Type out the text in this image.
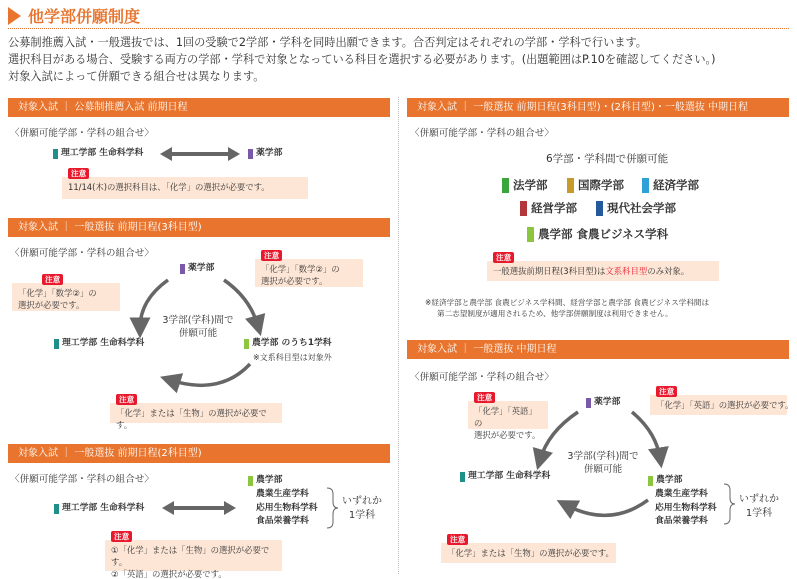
他学部併願制度
公募制推薦入試・一般選抜では、1回の受験で2学部・学科を同時出願できます。合否判定はそれぞれの学部・学科で行います。
選択科目がある場合、受験する両方の学部・学科で対象となっている科目を選択する必要があります。(出題範囲はP.10を確認してください。)
対象入試によって併願できる組合せは異なります。
対象入試 ｜ 公募制推薦入試 前期日程
〈併願可能学部・学科の組合せ〉
理工学部 生命科学科	薬学部
11/14(木)の選択科目は、「化学」の選択が必要です。
注意
対象入試 ｜ 一般選抜 前期日程(3科目型)
〈併願可能学部・学科の組合せ〉
薬学部
理工学部 生命科学科	農学部 のうち1学科
※文系科目型は対象外
3学部(学科)間で
併願可能
「化学」「数学②」の
選択が必要です。
注意
「化学」「数学②」の
選択が必要です。
注意
「化学」または「生物」の選択が必要です。
注意
対象入試 ｜ 一般選抜 前期日程(2科目型)
〈併願可能学部・学科の組合せ〉
理工学部 生命科学科
農学部
農業生産学科
応用生物科学科
食品栄養学科
いずれか
1学科
①「化学」または「生物」の選択が必要です。
②「英語」の選択が必要です。
注意
対象入試 ｜ 一般選抜 前期日程(3科目型)・(2科目型)・一般選抜 中期日程
〈併願可能学部・学科の組合せ〉
6学部・学科間で併願可能
法学部	国際学部	経済学部
経営学部	現代社会学部
農学部 食農ビジネス学科
一般選抜前期日程(3科目型)は文系科目型のみ対象。
注意
※経済学部と農学部 食農ビジネス学科間、経営学部と農学部 食農ビジネス学科間は
第二志望制度が適用されるため、他学部併願制度は利用できません。
対象入試 ｜ 一般選抜 中期日程
〈併願可能学部・学科の組合せ〉
薬学部
理工学部 生命科学科	農学部
農業生産学科
応用生物科学科
食品栄養学科
いずれか
1学科
3学部(学科)間で
併願可能
「化学」「英語」の
選択が必要です。
注意
「化学」「英語」の選択が必要です。
注意
「化学」または「生物」の選択が必要です。
注意
